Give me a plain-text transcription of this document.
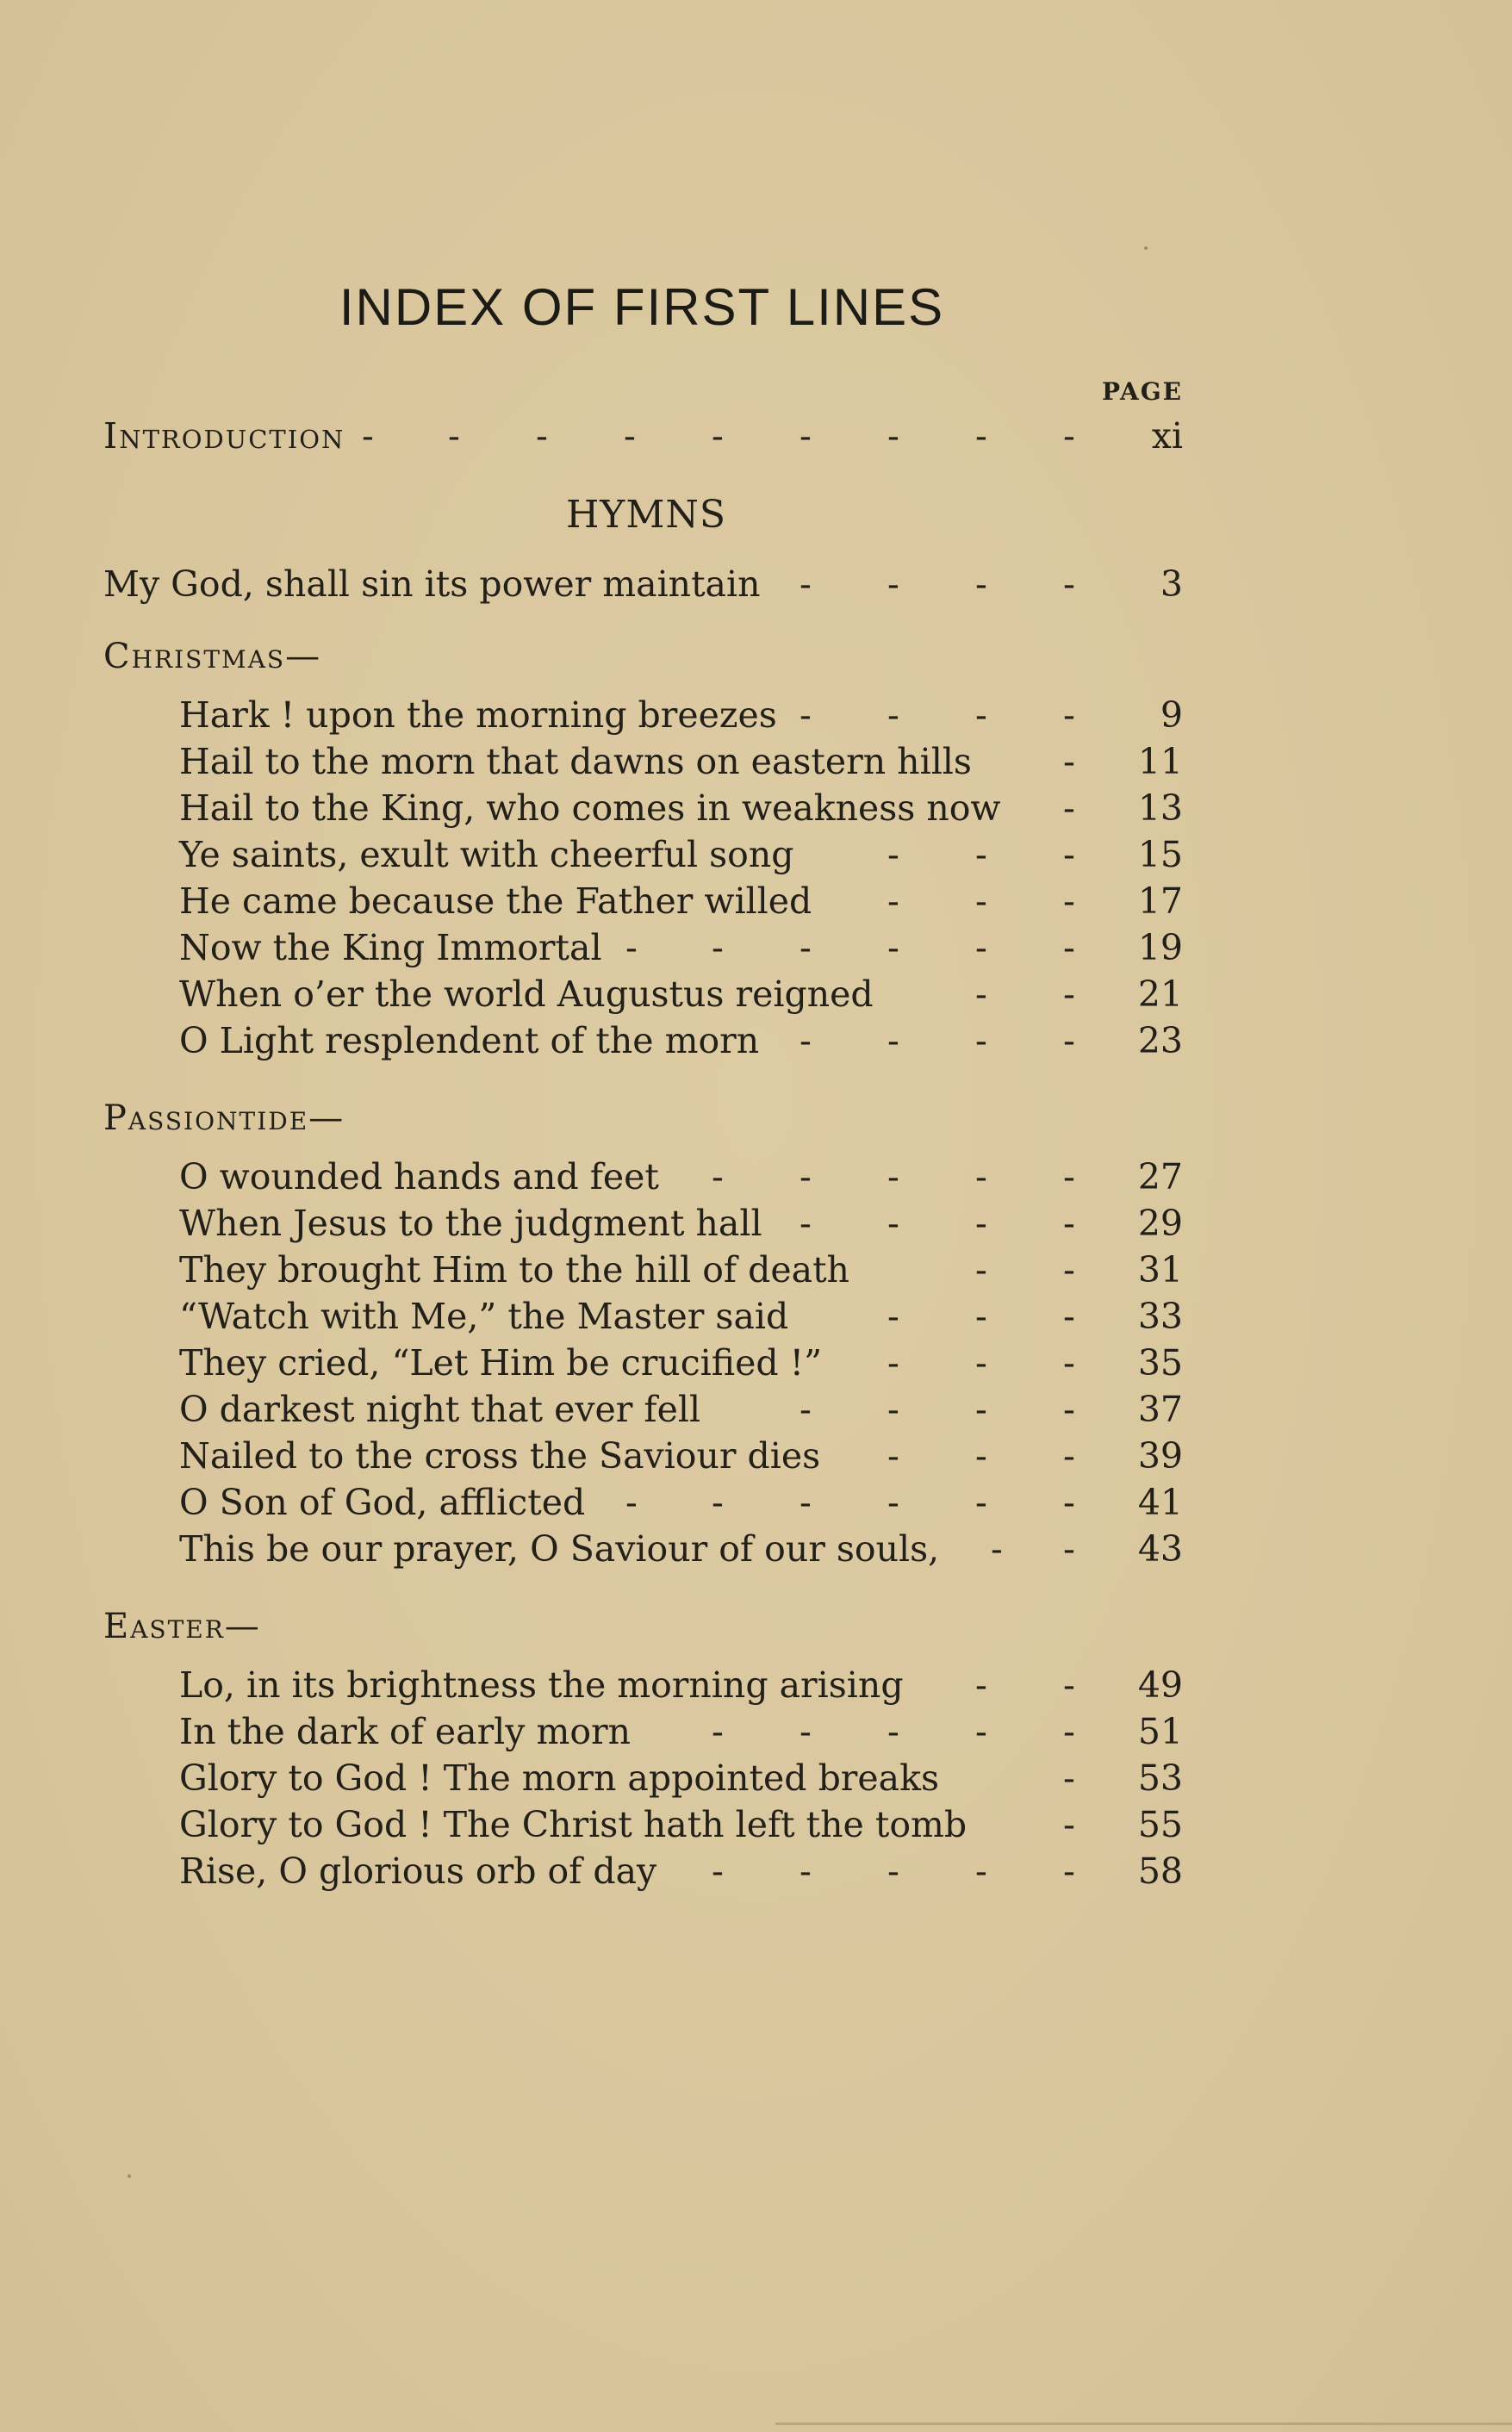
INDEX OF FIRST LINES
PAGE
Introduction - - - - - - - - - xi
HYMNS
My God, shall sin its power maintain - - - - 3
Christmas—
Hark ! upon the morning breezes - - - - 9
Hail to the morn that dawns on eastern hills	- 11
Hail to the King, who comes in weakness now - 13
Ye saints, exult with cheerful song	- - - 15
He came because the Father willed - - - 17
Now the King Immortal - - - - - - 19
When o’er the world Augustus reigned	- - 21
O Light resplendent of the morn - - - - 23
Passiontide—
O wounded hands and feet - - - - - 27
When Jesus to the judgment hall - - - - 29
They brought Him to the hill of death	- - 31
“Watch with Me,” the Master said	- - - 33
They cried, “Let Him be crucified !” - - - 35
O darkest night that ever fell	- - - - 37
Nailed to the cross the Saviour dies - - - 39
O Son of God, afflicted - - - - - - 41
This be our prayer, O Saviour of our souls, - - 43
Easter—
Lo, in its brightness the morning arising - - 49
In the dark of early morn - - - - - 51
Glory to God ! The morn appointed breaks	- 53
Glory to God ! The Christ hath left the tomb	- 55
Rise, O glorious orb of day - - - - - 58
